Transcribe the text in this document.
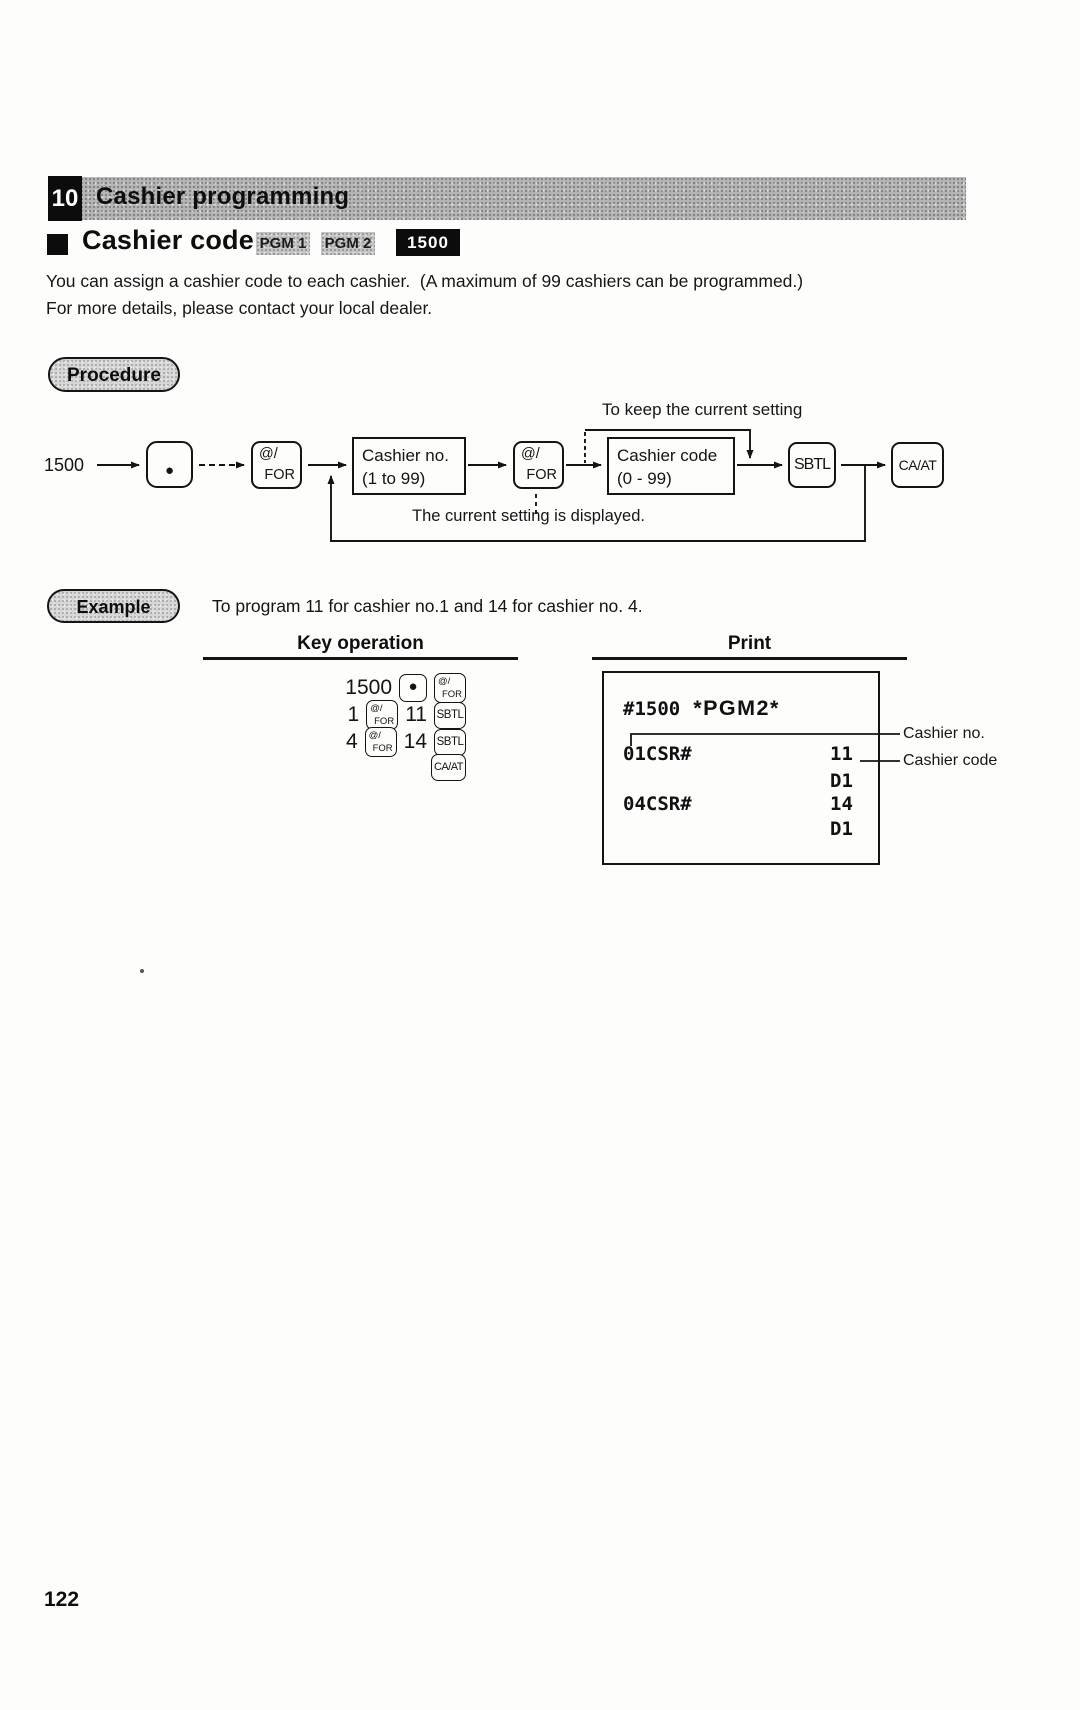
10 Cashier programming
Cashier code PGM 1 PGM 2	1500
You can assign a cashier code to each cashier.  (A maximum of 99 cashiers can be programmed.)
For more details, please contact your local dealer.
Procedure
1500	●
@/
FOR
Cashier no.
(1 to 99)
@/
FOR
Cashier code
(0 - 99)
SBTL	CA/AT
To keep the current setting
The current setting is displayed.
Example	To program 11 for cashier no.1 and 14 for cashier no. 4.
Key operation	Print
1500	●	@/
FOR
1 @/
FOR 11 SBTL
4 @/
FOR 14 SBTL
CA/AT
#1500 *PGM2*
01CSR#	11
D1
04CSR#	14
D1
Cashier no.
Cashier code
122
